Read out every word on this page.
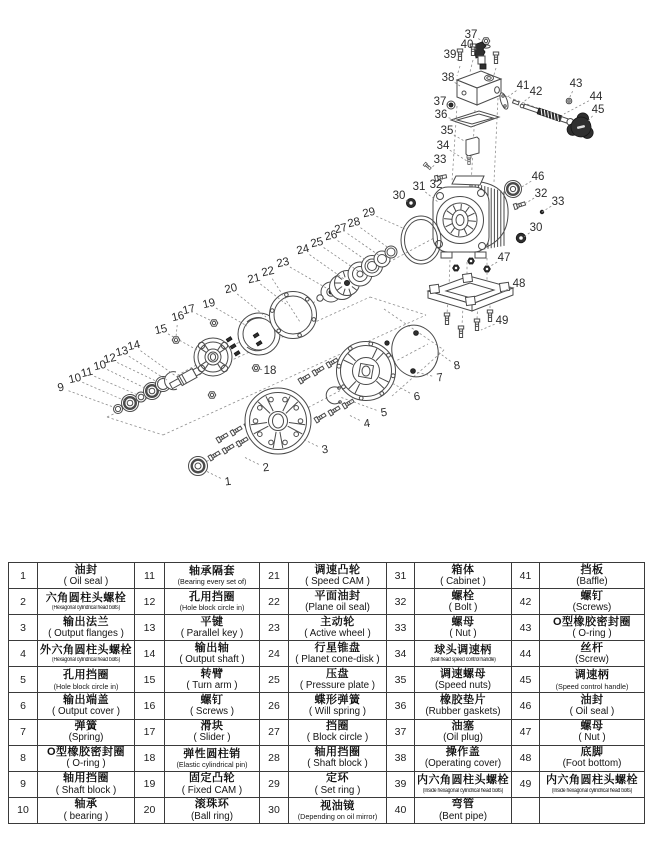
37
40
39
38
37
36
35
34
33
41 42
43
44
45
46
32
33
30
47
48
49
31 32
30
29
28
27
26
25
24
23
22
21
20
19
17
16
15
14
13
12
10
11
10
9
18
1
2
3
4
5
6
7
8
1	油封
( Oil seal )	11	轴承隔套
(Bearing every set of)
	21	调速凸轮
( Speed CAM )	31	箱体
( Cabinet )	41	挡板
(Baffle)

2	六角圆柱头螺栓
(Hexagonal cylindrical head bolts)
	12	孔用挡圈
(Hole block circle in)
	22	平面油封
(Plane oil seal)	32	螺栓
( Bolt )	42	螺钉
(Screws)

3	输出法兰
( Output flanges )	13	平键
( Parallel key )	23	主动轮
( Active wheel )	33	螺母
( Nut )	43	O型橡胶密封圈
( O-ring )

4	外六角圆柱头螺栓
(Hexagonal cylindrical head bolts)
	14	输出轴
( Output shaft )	24	行星锥盘
( Planet cone-disk )	34	球头调速柄
(Ball head speed control handle)
	44	丝杆
(Screw)

5	孔用挡圈
(Hole block circle in)
	15	转臂
( Turn arm )	25	压盘
( Pressure plate )	35	调速螺母
(Speed nuts)	45	调速柄
(Speed control handle)

6	输出端盖
( Output cover )	16	螺钉
( Screws )	26	蝶形弹簧
( Will spring )	36	橡胶垫片
(Rubber gaskets)	46	油封
( Oil seal )

7	弹簧
(Spring)	17	滑块
( Slider )	27	挡圈
( Block circle )	37	油塞
(Oil plug)	47	螺母
( Nut )

8	O型橡胶密封圈
( O-ring )	18	弹性圆柱销
(Elastic cylindrical pin)
	28	轴用挡圈
( Shaft block )	38	操作盖
(Operating cover)	48	底脚
(Foot bottom)

9	轴用挡圈
( Shaft block )	19	固定凸轮
( Fixed CAM )	29	定环
( Set ring )	39	内六角圆柱头螺栓
(Inside hexagonal cylindrical head bolts)
	49	内六角圆柱头螺栓
(Inside hexagonal cylindrical head bolts)

10	轴承
( bearing )	20	滚珠环
(Ball ring)	30	视油镜
(Depending on oil mirror)
	40	弯管
(Bent pipe)
